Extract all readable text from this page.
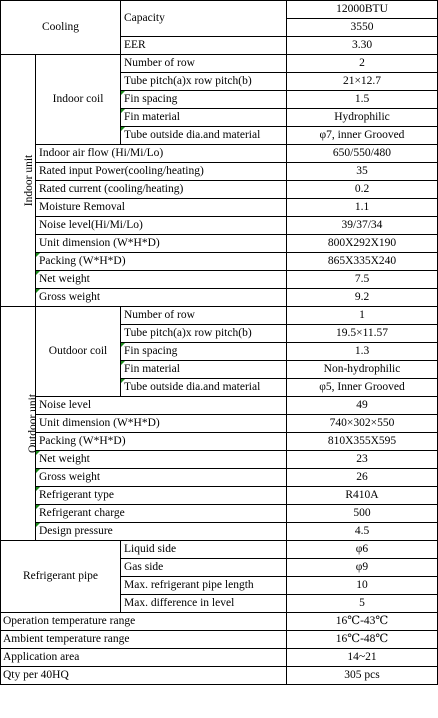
Cooling		Capacity	12000BTU
			3550
		EER	3.30
Indoor unit	Indoor coil	Number of row	2
		Tube pitch(a)x row pitch(b)	21×12.7
		Fin spacing	1.5
		Fin material	Hydrophilic
		Tube outside dia.and material	φ7, inner Grooved
	Indoor air flow (Hi/Mi/Lo)		650/550/480
	Rated input Power(cooling/heating)		35
	Rated current (cooling/heating)		0.2
	Moisture Removal		1.1
	Noise level(Hi/Mi/Lo)		39/37/34
	Unit dimension (W*H*D)		800X292X190
	Packing (W*H*D)		865X335X240
	Net weight		7.5
	Gross weight		9.2
Outdoor unit	Outdoor coil	Number of row	1
		Tube pitch(a)x row pitch(b)	19.5×11.57
		Fin spacing	1.3
		Fin material	Non-hydrophilic
		Tube outside dia.and material	φ5, Inner Grooved
	Noise level		49
	Unit dimension (W*H*D)		740×302×550
	Packing (W*H*D)		810X355X595
	Net weight		23
	Gross weight		26
	Refrigerant type		R410A
	Refrigerant charge		500
	Design pressure		4.5
Refrigerant pipe		Liquid side	φ6
		Gas side	φ9
		Max. refrigerant pipe length	10
		Max. difference in level	5
Operation temperature range			16℃-43℃
Ambient temperature range			16℃-48℃
Application area			14~21
Qty per 40HQ			305 pcs
